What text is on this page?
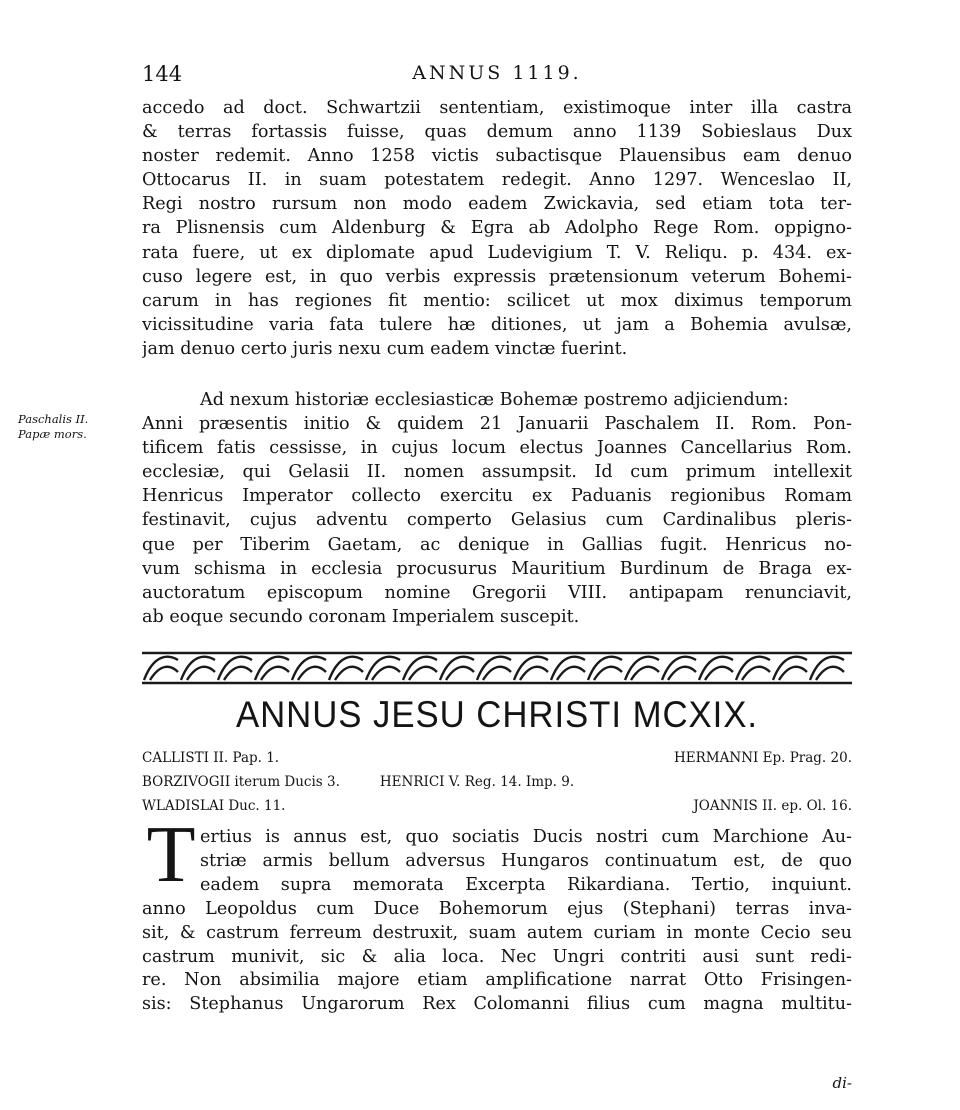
144	ANNUS 1119.
accedo ad doct. Schwartzii sententiam, existimoque inter illa castra
& terras fortassis fuisse, quas demum anno 1139 Sobieslaus Dux
noster redemit. Anno 1258 victis subactisque Plauensibus eam denuo
Ottocarus II. in suam potestatem redegit. Anno 1297. Wenceslao II,
Regi nostro rursum non modo eadem Zwickavia, sed etiam tota ter-
ra Plisnensis cum Aldenburg & Egra ab Adolpho Rege Rom. oppigno-
rata fuere, ut ex diplomate apud Ludevigium T. V. Reliqu. p. 434. ex-
cuso legere est, in quo verbis expressis prætensionum veterum Bohemi-
carum in has regiones fit mentio: scilicet ut mox diximus temporum
vicissitudine varia fata tulere hæ ditiones, ut jam a Bohemia avulsæ,
jam denuo certo juris nexu cum eadem vinctæ fuerint.
Paschalis II.
Papæ mors.
Ad nexum historiæ ecclesiasticæ Bohemæ postremo adjiciendum:
Anni præsentis initio & quidem 21 Januarii Paschalem II. Rom. Pon-
tificem fatis cessisse, in cujus locum electus Joannes Cancellarius Rom.
ecclesiæ, qui Gelasii II. nomen assumpsit. Id cum primum intellexit
Henricus Imperator collecto exercitu ex Paduanis regionibus Romam
festinavit, cujus adventu comperto Gelasius cum Cardinalibus pleris-
que per Tiberim Gaetam, ac denique in Gallias fugit. Henricus no-
vum schisma in ecclesia procusurus Mauritium Burdinum de Braga ex-
auctoratum episcopum nomine Gregorii VIII. antipapam renunciavit,
ab eoque secundo coronam Imperialem suscepit.
ANNUS JESU CHRISTI MCXIX.
CALLISTI II. Pap. 1.	HERMANNI Ep. Prag. 20.
BORZIVOGII iterum Ducis 3.	HENRICI V. Reg. 14. Imp. 9.
WLADISLAI Duc. 11.	JOANNIS II. ep. Ol. 16.
T ertius is annus est, quo sociatis Ducis nostri cum Marchione Au-
striæ armis bellum adversus Hungaros continuatum est, de quo
eadem supra memorata Excerpta Rikardiana. Tertio, inquiunt.
anno Leopoldus cum Duce Bohemorum ejus (Stephani) terras inva-
sit, & castrum ferreum destruxit, suam autem curiam in monte Cecio seu
castrum munivit, sic & alia loca. Nec Ungri contriti ausi sunt redi-
re. Non absimilia majore etiam amplificatione narrat Otto Frisingen-
sis: Stephanus Ungarorum Rex Colomanni filius cum magna multitu-
di-
